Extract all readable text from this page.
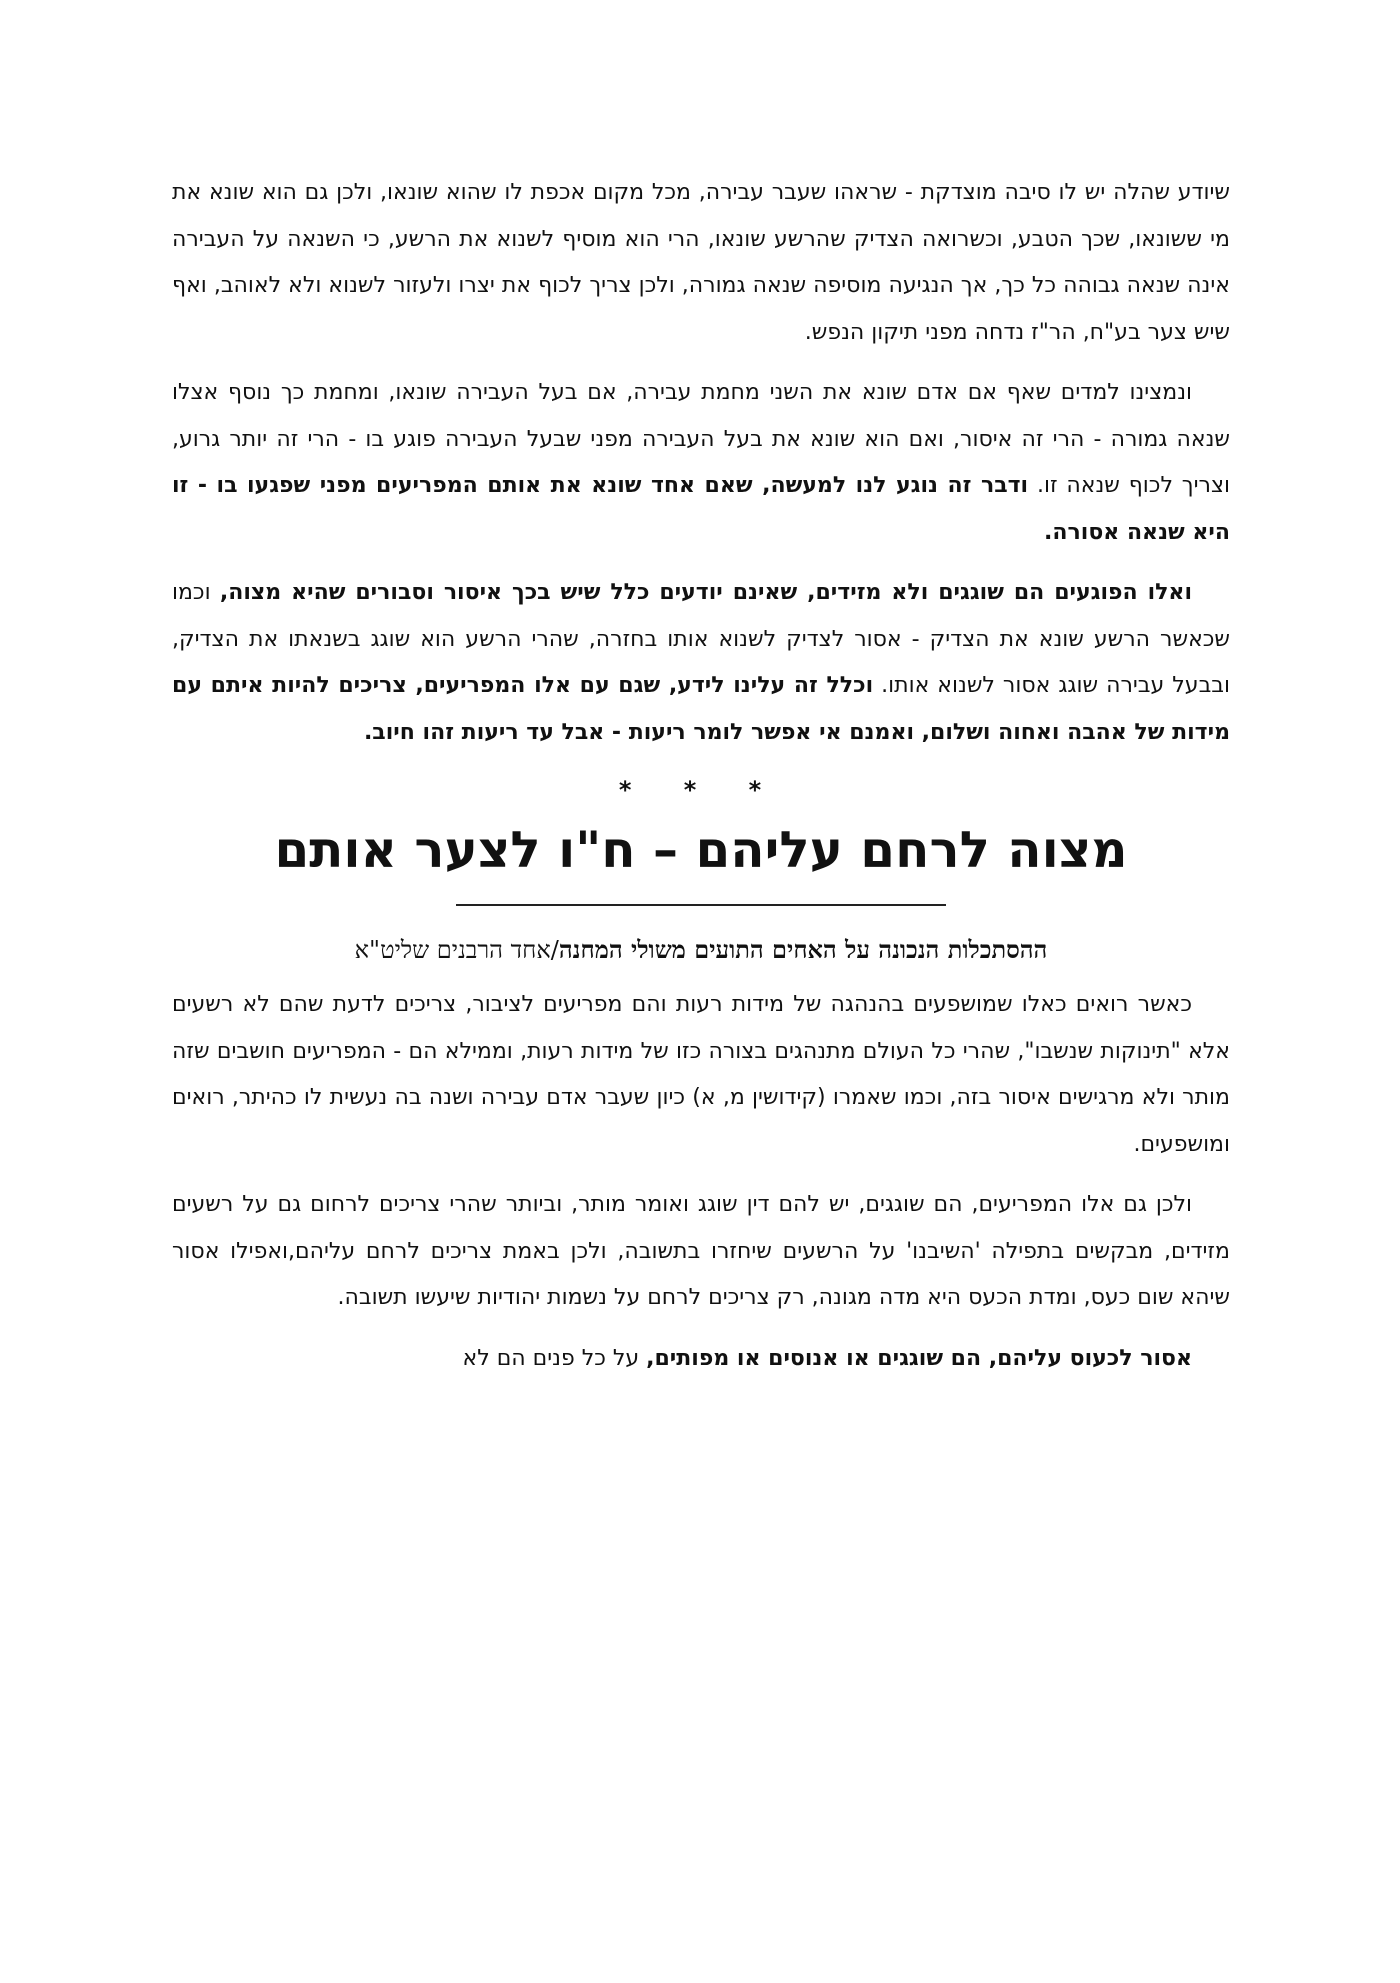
שיודע שהלה יש לו סיבה מוצדקת - שראהו שעבר עבירה, מכל מקום אכפת לו שהוא שונאו, ולכן גם הוא שונא את מי ששונאו, שכך הטבע, וכשרואה הצדיק שהרשע שונאו, הרי הוא מוסיף לשנוא את הרשע, כי השנאה על העבירה אינה שנאה גבוהה כל כך, אך הנגיעה מוסיפה שנאה גמורה, ולכן צריך לכוף את יצרו ולעזור לשנוא ולא לאוהב, ואף שיש צער בע"ח, הר"ז נדחה מפני תיקון הנפש.

ונמצינו למדים שאף אם אדם שונא את השני מחמת עבירה, אם בעל העבירה שונאו, ומחמת כך נוסף אצלו שנאה גמורה - הרי זה איסור, ואם הוא שונא את בעל העבירה מפני שבעל העבירה פוגע בו - הרי זה יותר גרוע, וצריך לכוף שנאה זו. ודבר זה נוגע לנו למעשה, שאם אחד שונא את אותם המפריעים מפני שפגעו בו - זו היא שנאה אסורה.

ואלו הפוגעים הם שוגגים ולא מזידים, שאינם יודעים כלל שיש בכך איסור וסבורים שהיא מצוה, וכמו שכאשר הרשע שונא את הצדיק - אסור לצדיק לשנוא אותו בחזרה, שהרי הרשע הוא שוגג בשנאתו את הצדיק, ובבעל עבירה שוגג אסור לשנוא אותו. וכלל זה עלינו לידע, שגם עם אלו המפריעים, צריכים להיות איתם עם מידות של אהבה ואחוה ושלום, ואמנם אי אפשר לומר ריעות - אבל עד ריעות זהו חיוב.

* * *
מצוה לרחם עליהם – ח"ו לצער אותם
ההסתכלות הנכונה על האחים התועים משולי המחנה/אחד הרבנים שליט"א

כאשר רואים כאלו שמושפעים בהנהגה של מידות רעות והם מפריעים לציבור, צריכים לדעת שהם לא רשעים אלא "תינוקות שנשבו", שהרי כל העולם מתנהגים בצורה כזו של מידות רעות, וממילא הם - המפריעים חושבים שזה מותר ולא מרגישים איסור בזה, וכמו שאמרו (קידושין מ, א) כיון שעבר אדם עבירה ושנה בה נעשית לו כהיתר, רואים ומושפעים.

ולכן גם אלו המפריעים, הם שוגגים, יש להם דין שוגג ואומר מותר, וביותר שהרי צריכים לרחום גם על רשעים מזידים, מבקשים בתפילה 'השיבנו' על הרשעים שיחזרו בתשובה, ולכן באמת צריכים לרחם עליהם,ואפילו אסור שיהא שום כעס, ומדת הכעס היא מדה מגונה, רק צריכים לרחם על נשמות יהודיות שיעשו תשובה.

אסור לכעוס עליהם, הם שוגגים או אנוסים או מפותים, על כל פנים הם לא
